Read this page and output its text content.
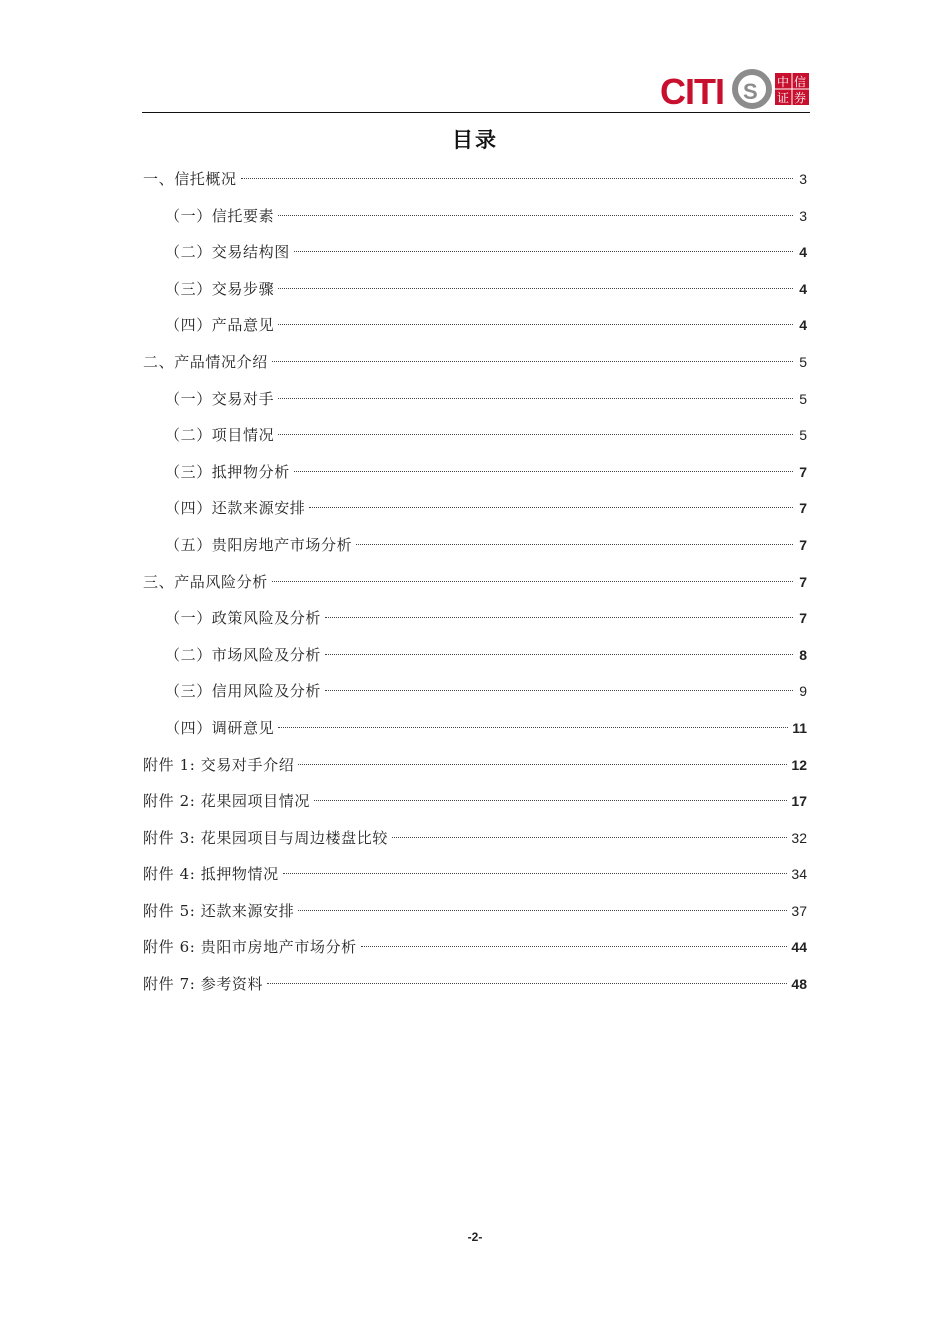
CITI S 中 信
证 券
目录
一、信托概况	3
（一）信托要素	3
（二）交易结构图	4
（三）交易步骤	4
（四）产品意见	4
二、产品情况介绍	5
（一）交易对手	5
（二）项目情况	5
（三）抵押物分析	7
（四）还款来源安排	7
（五）贵阳房地产市场分析	7
三、产品风险分析	7
（一）政策风险及分析	7
（二）市场风险及分析	8
（三）信用风险及分析	9
（四）调研意见	11
附件 1: 交易对手介绍	12
附件 2: 花果园项目情况	17
附件 3: 花果园项目与周边楼盘比较	32
附件 4: 抵押物情况	34
附件 5: 还款来源安排	37
附件 6: 贵阳市房地产市场分析	44
附件 7: 参考资料	48
-2-
